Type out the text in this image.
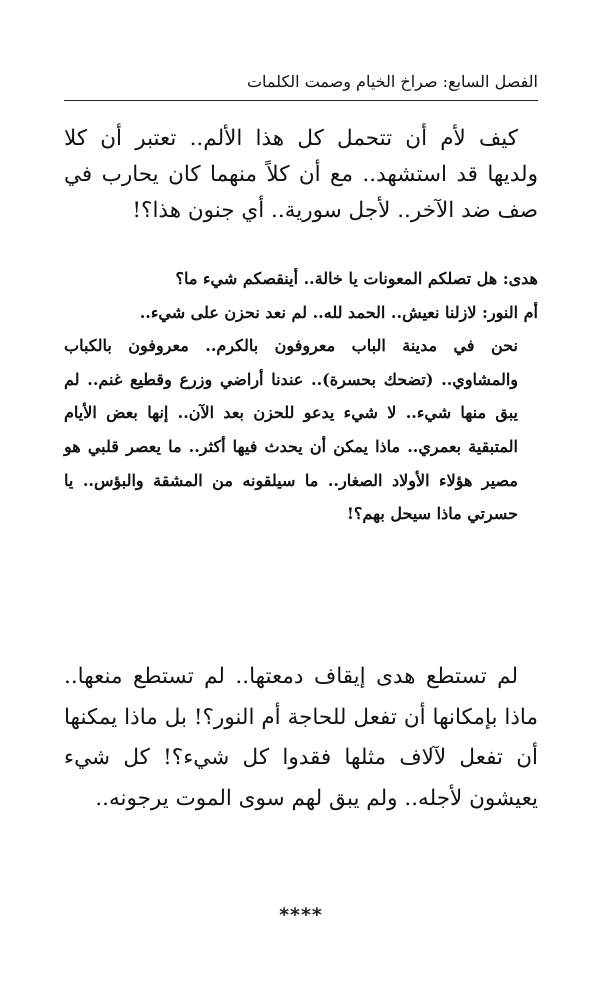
الفصل السابع: صراخ الخيام وصمت الكلمات

كيف لأم أن تتحمل كل هذا الألم.. تعتبر أن كلا ولديها قد استشهد.. مع أن كلاً منهما كان يحارب في صف ضد الآخر.. لأجل سورية.. أي جنون هذا؟!

هدى: هل تصلكم المعونات يا خالة.. أينقصكم شيء ما؟

أم النور: لازلنا نعيش.. الحمد لله.. لم نعد نحزن على شيء..

نحن في مدينة الباب معروفون بالكرم.. معروفون بالكباب والمشاوي.. (تضحك بحسرة).. عندنا أراضي وزرع وقطيع غنم.. لم يبق منها شيء.. لا شيء يدعو للحزن بعد الآن.. إنها بعض الأيام المتبقية بعمري.. ماذا يمكن أن يحدث فيها أكثر.. ما يعصر قلبي هو مصير هؤلاء الأولاد الصغار.. ما سيلقونه من المشقة والبؤس.. يا حسرتي ماذا سيحل بهم؟!

لم تستطع هدى إيقاف دمعتها.. لم تستطع منعها.. ماذا بإمكانها أن تفعل للحاجة أم النور؟! بل ماذا يمكنها أن تفعل لآلاف مثلها فقدوا كل شيء؟! كل شيء يعيشون لأجله.. ولم يبق لهم سوى الموت يرجونه..

****
